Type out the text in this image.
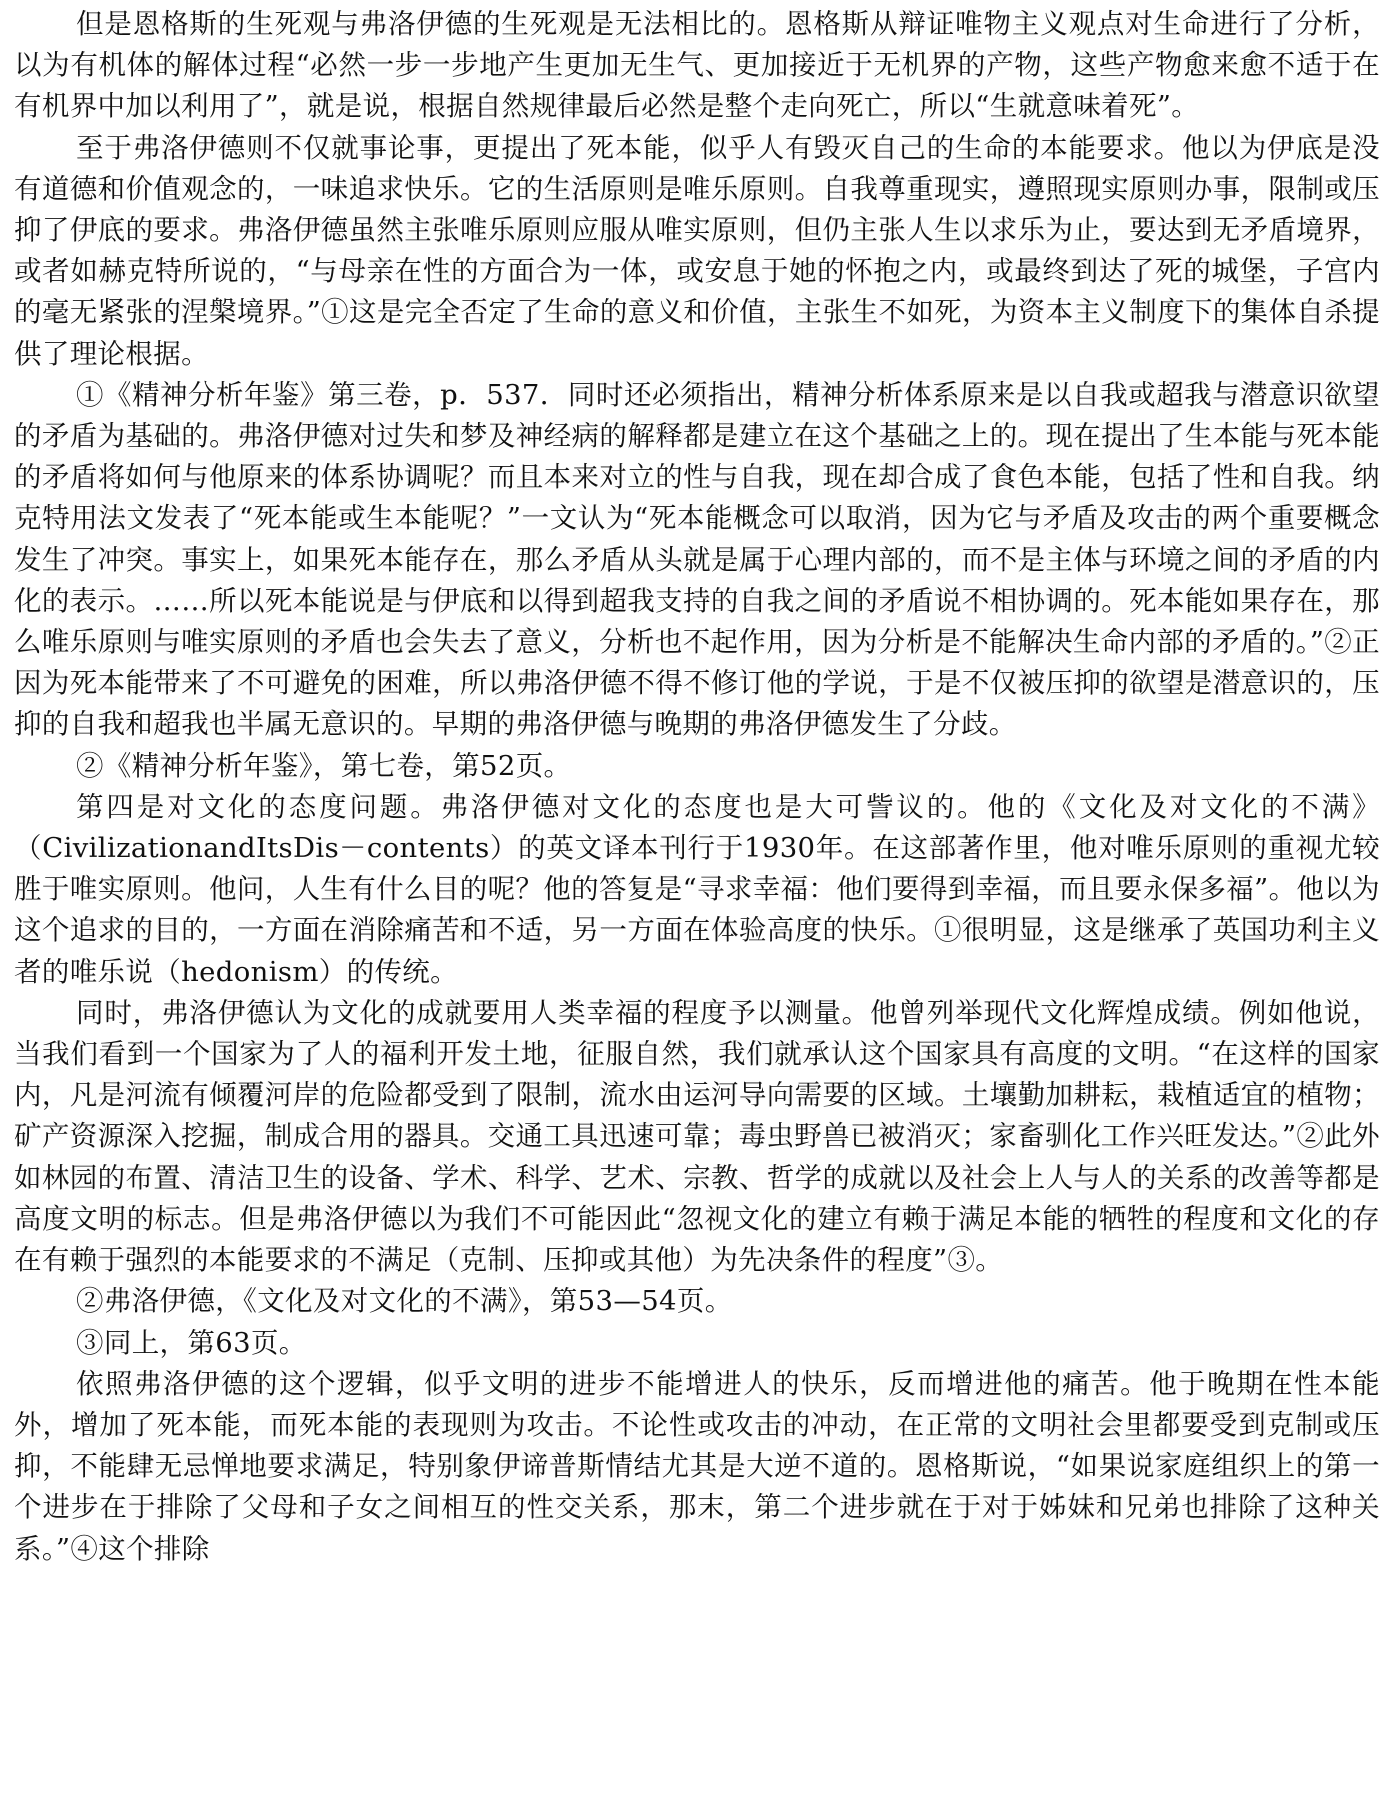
但是恩格斯的生死观与弗洛伊德的生死观是无法相比的。恩格斯从辩证唯物主义观点对生命进行了分析，以为有机体的解体过程“必然一步一步地产生更加无生气、更加接近于无机界的产物，这些产物愈来愈不适于在有机界中加以利用了”，就是说，根据自然规律最后必然是整个走向死亡，所以“生就意味着死”。

至于弗洛伊德则不仅就事论事，更提出了死本能，似乎人有毁灭自己的生命的本能要求。他以为伊底是没有道德和价值观念的，一味追求快乐。它的生活原则是唯乐原则。自我尊重现实，遵照现实原则办事，限制或压抑了伊底的要求。弗洛伊德虽然主张唯乐原则应服从唯实原则，但仍主张人生以求乐为止，要达到无矛盾境界，或者如赫克特所说的，“与母亲在性的方面合为一体，或安息于她的怀抱之内，或最终到达了死的城堡，子宫内的毫无紧张的涅槃境界。”①这是完全否定了生命的意义和价值，主张生不如死，为资本主义制度下的集体自杀提供了理论根据。

①《精神分析年鉴》第三卷，p．537．同时还必须指出，精神分析体系原来是以自我或超我与潜意识欲望的矛盾为基础的。弗洛伊德对过失和梦及神经病的解释都是建立在这个基础之上的。现在提出了生本能与死本能的矛盾将如何与他原来的体系协调呢？而且本来对立的性与自我，现在却合成了食色本能，包括了性和自我。纳克特用法文发表了“死本能或生本能呢？”一文认为“死本能概念可以取消，因为它与矛盾及攻击的两个重要概念发生了冲突。事实上，如果死本能存在，那么矛盾从头就是属于心理内部的，而不是主体与环境之间的矛盾的内化的表示。……所以死本能说是与伊底和以得到超我支持的自我之间的矛盾说不相协调的。死本能如果存在，那么唯乐原则与唯实原则的矛盾也会失去了意义，分析也不起作用，因为分析是不能解决生命内部的矛盾的。”②正因为死本能带来了不可避免的困难，所以弗洛伊德不得不修订他的学说，于是不仅被压抑的欲望是潜意识的，压抑的自我和超我也半属无意识的。早期的弗洛伊德与晚期的弗洛伊德发生了分歧。

②《精神分析年鉴》，第七卷，第52页。

第四是对文化的态度问题。弗洛伊德对文化的态度也是大可訾议的。他的《文化及对文化的不满》（CivilizationandItsDis－contents）的英文译本刊行于1930年。在这部著作里，他对唯乐原则的重视尤较胜于唯实原则。他问，人生有什么目的呢？他的答复是“寻求幸福：他们要得到幸福，而且要永保多福”。他以为这个追求的目的，一方面在消除痛苦和不适，另一方面在体验高度的快乐。①很明显，这是继承了英国功利主义者的唯乐说（hedonism）的传统。

同时，弗洛伊德认为文化的成就要用人类幸福的程度予以测量。他曾列举现代文化辉煌成绩。例如他说，当我们看到一个国家为了人的福利开发土地，征服自然，我们就承认这个国家具有高度的文明。“在这样的国家内，凡是河流有倾覆河岸的危险都受到了限制，流水由运河导向需要的区域。土壤勤加耕耘，栽植适宜的植物；矿产资源深入挖掘，制成合用的器具。交通工具迅速可靠；毒虫野兽已被消灭；家畜驯化工作兴旺发达。”②此外如林园的布置、清洁卫生的设备、学术、科学、艺术、宗教、哲学的成就以及社会上人与人的关系的改善等都是高度文明的标志。但是弗洛伊德以为我们不可能因此“忽视文化的建立有赖于满足本能的牺牲的程度和文化的存在有赖于强烈的本能要求的不满足（克制、压抑或其他）为先决条件的程度”③。

②弗洛伊德，《文化及对文化的不满》，第53—54页。

③同上，第63页。

依照弗洛伊德的这个逻辑，似乎文明的进步不能增进人的快乐，反而增进他的痛苦。他于晚期在性本能外，增加了死本能，而死本能的表现则为攻击。不论性或攻击的冲动，在正常的文明社会里都要受到克制或压抑，不能肆无忌惮地要求满足，特别象伊谛普斯情结尤其是大逆不道的。恩格斯说，“如果说家庭组织上的第一个进步在于排除了父母和子女之间相互的性交关系，那末，第二个进步就在于对于姊妹和兄弟也排除了这种关系。”④这个排除
